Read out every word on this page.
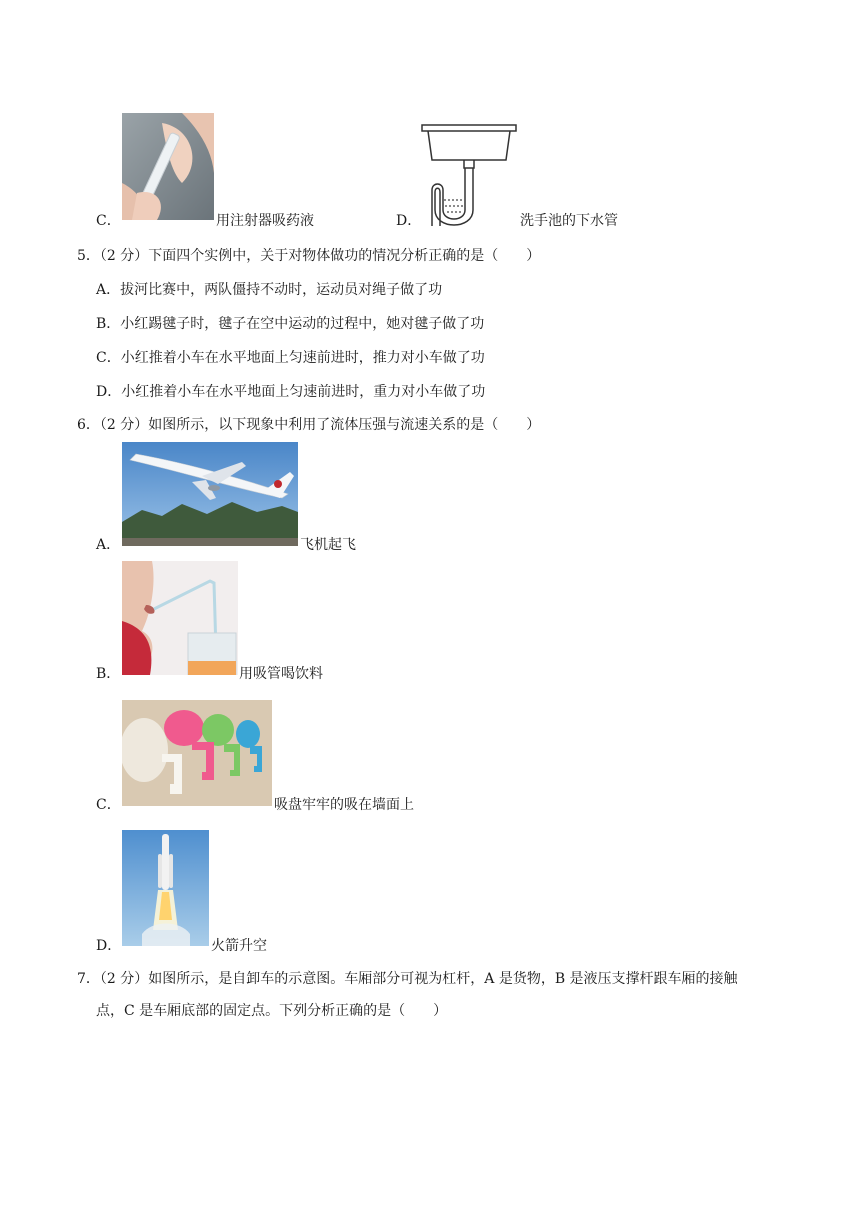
C．	用注射器吸药液	D．	洗手池的下水管
5．（2 分）下面四个实例中，关于对物体做功的情况分析正确的是（　　）
A．拔河比赛中，两队僵持不动时，运动员对绳子做了功
B．小红踢毽子时，毽子在空中运动的过程中，她对毽子做了功
C．小红推着小车在水平地面上匀速前进时，推力对小车做了功
D．小红推着小车在水平地面上匀速前进时，重力对小车做了功
6．（2 分）如图所示，以下现象中利用了流体压强与流速关系的是（　　）
A．	飞机起飞
B．	用吸管喝饮料
C．	吸盘牢牢的吸在墙面上
D．	火箭升空
7．（2 分）如图所示，是自卸车的示意图。车厢部分可视为杠杆，A 是货物，B 是液压支撑杆跟车厢的接触
点，C 是车厢底部的固定点。下列分析正确的是（　　）
